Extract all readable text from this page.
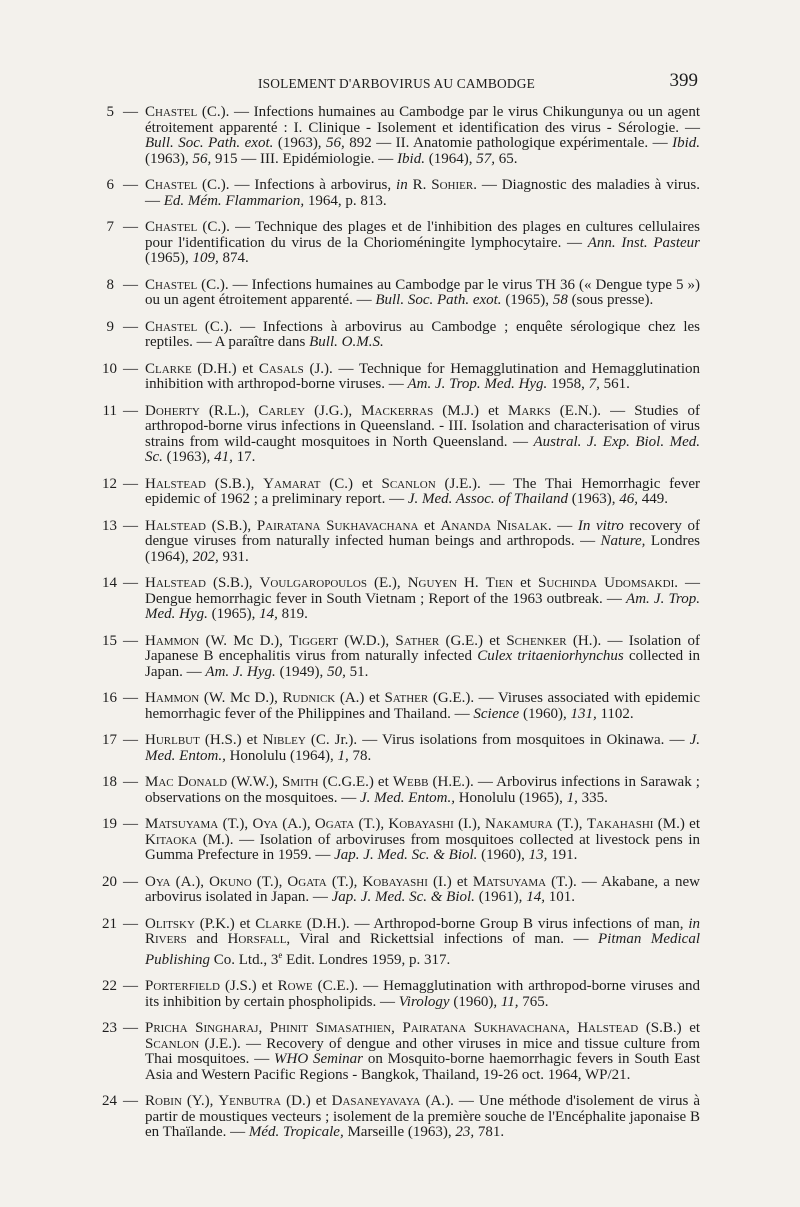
ISOLEMENT D'ARBOVIRUS AU CAMBODGE	399
5 — Chastel (C.). — Infections humaines au Cambodge par le virus Chikungunya ou un agent étroitement apparenté : I. Clinique - Isolement et identification des virus - Sérologie. — Bull. Soc. Path. exot. (1963), 56, 892 — II. Anatomie pathologique expérimentale. — Ibid. (1963), 56, 915 — III. Epidémiologie. — Ibid. (1964), 57, 65.
6 — Chastel (C.). — Infections à arbovirus, in R. Sohier. — Diagnostic des maladies à virus. — Ed. Mém. Flammarion, 1964, p. 813.
7 — Chastel (C.). — Technique des plages et de l'inhibition des plages en cultures cellulaires pour l'identification du virus de la Chorioméningite lymphocytaire. — Ann. Inst. Pasteur (1965), 109, 874.
8 — Chastel (C.). — Infections humaines au Cambodge par le virus TH 36 (« Dengue type 5 ») ou un agent étroitement apparenté. — Bull. Soc. Path. exot. (1965), 58 (sous presse).
9 — Chastel (C.). — Infections à arbovirus au Cambodge ; enquête sérologique chez les reptiles. — A paraître dans Bull. O.M.S.
10 — Clarke (D.H.) et Casals (J.). — Technique for Hemagglutination and Hemagglutination inhibition with arthropod-borne viruses. — Am. J. Trop. Med. Hyg. 1958, 7, 561.
11 — Doherty (R.L.), Carley (J.G.), Mackerras (M.J.) et Marks (E.N.). — Studies of arthropod-borne virus infections in Queensland. - III. Isolation and characterisation of virus strains from wild-caught mosquitoes in North Queensland. — Austral. J. Exp. Biol. Med. Sc. (1963), 41, 17.
12 — Halstead (S.B.), Yamarat (C.) et Scanlon (J.E.). — The Thai Hemorrhagic fever epidemic of 1962 ; a preliminary report. — J. Med. Assoc. of Thailand (1963), 46, 449.
13 — Halstead (S.B.), Pairatana Sukhavachana et Ananda Nisalak. — In vitro recovery of dengue viruses from naturally infected human beings and arthropods. — Nature, Londres (1964), 202, 931.
14 — Halstead (S.B.), Voulgaropoulos (E.), Nguyen H. Tien et Suchinda Udomsakdi. — Dengue hemorrhagic fever in South Vietnam ; Report of the 1963 outbreak. — Am. J. Trop. Med. Hyg. (1965), 14, 819.
15 — Hammon (W. Mc D.), Tiggert (W.D.), Sather (G.E.) et Schenker (H.). — Isolation of Japanese B encephalitis virus from naturally infected Culex tritaeniorhynchus collected in Japan. — Am. J. Hyg. (1949), 50, 51.
16 — Hammon (W. Mc D.), Rudnick (A.) et Sather (G.E.). — Viruses associated with epidemic hemorrhagic fever of the Philippines and Thailand. — Science (1960), 131, 1102.
17 — Hurlbut (H.S.) et Nibley (C. Jr.). — Virus isolations from mosquitoes in Okinawa. — J. Med. Entom., Honolulu (1964), 1, 78.
18 — Mac Donald (W.W.), Smith (C.G.E.) et Webb (H.E.). — Arbovirus infections in Sarawak ; observations on the mosquitoes. — J. Med. Entom., Honolulu (1965), 1, 335.
19 — Matsuyama (T.), Oya (A.), Ogata (T.), Kobayashi (I.), Nakamura (T.), Takahashi (M.) et Kitaoka (M.). — Isolation of arboviruses from mosquitoes collected at livestock pens in Gumma Prefecture in 1959. — Jap. J. Med. Sc. & Biol. (1960), 13, 191.
20 — Oya (A.), Okuno (T.), Ogata (T.), Kobayashi (I.) et Matsuyama (T.). — Akabane, a new arbovirus isolated in Japan. — Jap. J. Med. Sc. & Biol. (1961), 14, 101.
21 — Olitsky (P.K.) et Clarke (D.H.). — Arthropod-borne Group B virus infections of man, in Rivers and Horsfall, Viral and Rickettsial infections of man. — Pitman Medical Publishing Co. Ltd., 3e Edit. Londres 1959, p. 317.
22 — Porterfield (J.S.) et Rowe (C.E.). — Hemagglutination with arthropod-borne viruses and its inhibition by certain phospholipids. — Virology (1960), 11, 765.
23 — Pricha Singharaj, Phinit Simasathien, Pairatana Sukhavachana, Halstead (S.B.) et Scanlon (J.E.). — Recovery of dengue and other viruses in mice and tissue culture from Thai mosquitoes. — WHO Seminar on Mosquito-borne haemorrhagic fevers in South East Asia and Western Pacific Regions - Bangkok, Thailand, 19-26 oct. 1964, WP/21.
24 — Robin (Y.), Yenbutra (D.) et Dasaneyavaya (A.). — Une méthode d'isolement de virus à partir de moustiques vecteurs ; isolement de la première souche de l'Encéphalite japonaise B en Thaïlande. — Méd. Tropicale, Marseille (1963), 23, 781.
